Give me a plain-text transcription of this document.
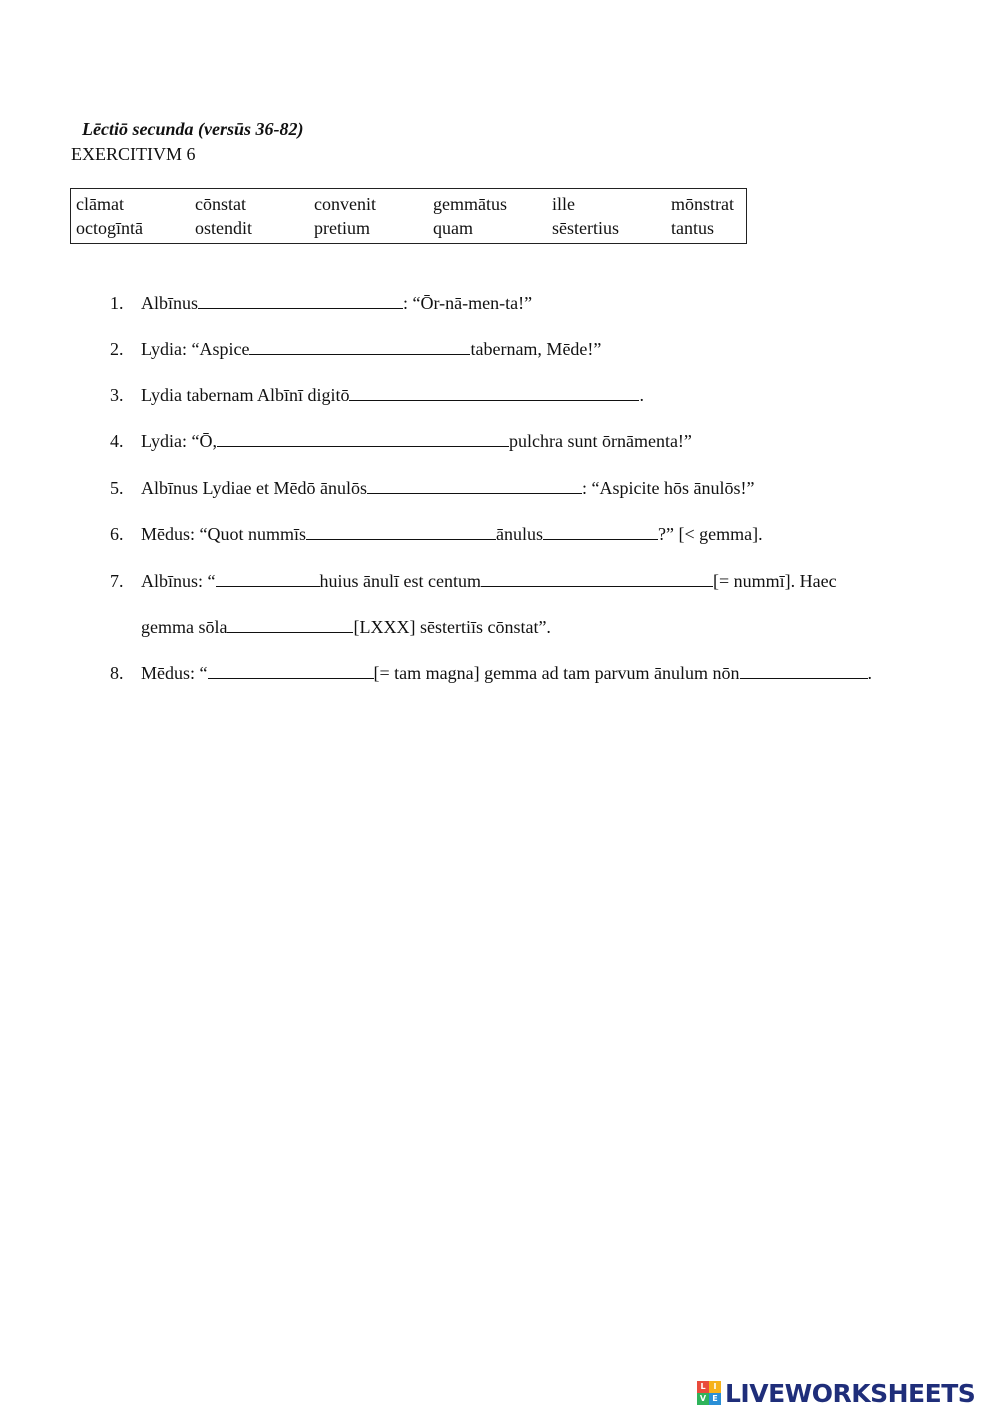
Lēctiō secunda (versūs 36-82)
EXERCITIVM 6
clāmat	cōnstat	convenit	gemmātus	ille	mōnstrat
octogīntā	ostendit	pretium	quam	sēstertius	tantus
1. Albīnus	: “Ōr-nā-men-ta!”
2. Lydia: “Aspice	tabernam, Mēde!”
3. Lydia tabernam Albīnī digitō	.
4. Lydia: “Ō,	pulchra sunt ōrnāmenta!”
5. Albīnus Lydiae et Mēdō ānulōs	: “Aspicite hōs ānulōs!”
6. Mēdus: “Quot nummīs	ānulus	?” [< gemma].
7. Albīnus: “	huius ānulī est centum	[= nummī]. Haec
gemma sōla	[LXXX] sēstertiīs cōnstat”.
8. Mēdus: “	[= tam magna] gemma ad tam parvum ānulum nōn	.
L I
V E LIVEWORKSHEETS
